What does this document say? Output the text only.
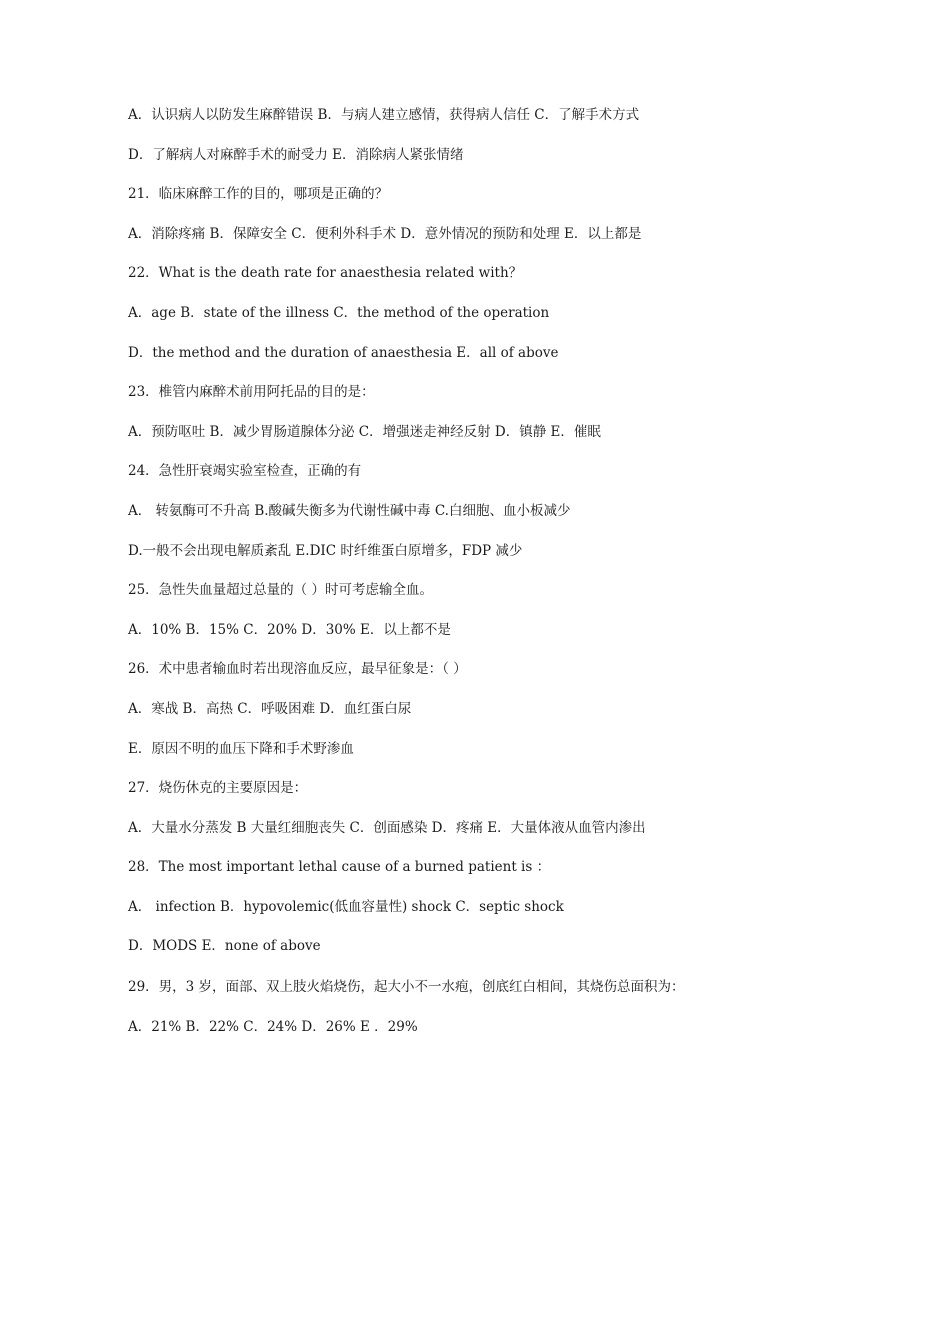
A．认识病人以防发生麻醉错误 B．与病人建立感情，获得病人信任 C．了解手术方式

D．了解病人对麻醉手术的耐受力 E．消除病人紧张情绪

21．临床麻醉工作的目的，哪项是正确的？

A．消除疼痛 B．保障安全 C．便利外科手术 D．意外情况的预防和处理 E．以上都是

22．What is the death rate for anaesthesia related with？

A．age B．state of the illness C．the method of the operation

D．the method and the duration of anaesthesia E．all of above

23．椎管内麻醉术前用阿托品的目的是：

A．预防呕吐 B．减少胃肠道腺体分泌 C．增强迷走神经反射 D．镇静 E．催眠

24．急性肝衰竭实验室检查，正确的有

A． 转氨酶可不升高 B.酸碱失衡多为代谢性碱中毒 C.白细胞、血小板减少

D.一般不会出现电解质紊乱 E.DIC 时纤维蛋白原增多，FDP 减少

25．急性失血量超过总量的（ ）时可考虑输全血。

A．10% B．15% C．20% D．30% E．以上都不是

26．术中患者输血时若出现溶血反应，最早征象是：（ ）

A．寒战 B．高热 C．呼吸困难 D．血红蛋白尿

E．原因不明的血压下降和手术野渗血

27．烧伤休克的主要原因是：

A．大量水分蒸发 B 大量红细胞丧失 C．创面感染 D．疼痛 E．大量体液从血管内渗出

28．The most important lethal cause of a burned patient is ：

A． infection B．hypovolemic(低血容量性) shock C．septic shock

D．MODS E．none of above

29．男，3 岁，面部、双上肢火焰烧伤，起大小不一水疱，创底红白相间，其烧伤总面积为：

A．21% B．22% C．24% D．26% E ．29%
